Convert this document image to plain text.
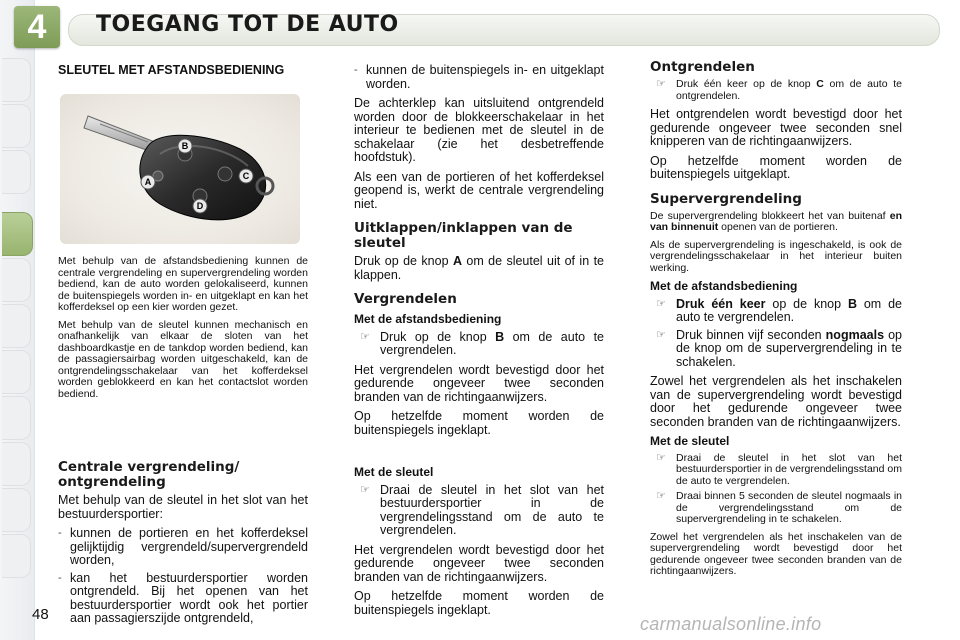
4	TOEGANG TOT DE AUTO
SLEUTEL MET AFSTANDSBEDIENING
B
C
D
A

Met behulp van de afstandsbediening kunnen de centrale vergrendeling en supervergrendeling worden bediend, kan de auto worden gelokaliseerd, kunnen de buitenspiegels worden in- en uitgeklapt en kan het kofferdeksel op een kier worden gezet.

Met behulp van de sleutel kunnen mechanisch en onafhankelijk van elkaar de sloten van het dashboardkastje en de tankdop worden bediend, kan de passagiersairbag worden uitgeschakeld, kan de ontgrendelingsschakelaar van het kofferdeksel worden geblokkeerd en kan het contactslot worden bediend.

Centrale vergrendeling/ ontgrendeling

Met behulp van de sleutel in het slot van het bestuurdersportier:

- kunnen de portieren en het kofferdeksel gelijktijdig vergrendeld/supervergrendeld worden,
- kan het bestuurdersportier worden ontgrendeld. Bij het openen van het bestuurdersportier wordt ook het portier aan passagierszijde ontgrendeld,
- kunnen de buitenspiegels in- en uitgeklapt worden.

De achterklep kan uitsluitend ontgrendeld worden door de blokkeerschakelaar in het interieur te bedienen met de sleutel in de schakelaar (zie het desbetreffende hoofdstuk).

Als een van de portieren of het kofferdeksel geopend is, werkt de centrale vergrendeling niet.

Uitklappen/inklappen van de sleutel

Druk op de knop A om de sleutel uit of in te klappen.

Vergrendelen
Met de afstandsbediening
☞ Druk op de knop B om de auto te vergrendelen.

Het vergrendelen wordt bevestigd door het gedurende ongeveer twee seconden branden van de richtingaanwijzers.

Op hetzelfde moment worden de buitenspiegels ingeklapt.

Met de sleutel
☞ Draai de sleutel in het slot van het bestuurdersportier in de vergrendelingsstand om de auto te vergrendelen.

Het vergrendelen wordt bevestigd door het gedurende ongeveer twee seconden branden van de richtingaanwijzers.

Op hetzelfde moment worden de buitenspiegels ingeklapt.

Ontgrendelen
☞ Druk één keer op de knop C om de auto te ontgrendelen.

Het ontgrendelen wordt bevestigd door het gedurende ongeveer twee seconden snel knipperen van de richtingaanwijzers.

Op hetzelfde moment worden de buitenspiegels uitgeklapt.

Supervergrendeling

De supervergrendeling blokkeert het van buitenaf en van binnenuit openen van de portieren.

Als de supervergrendeling is ingeschakeld, is ook de vergrendelingsschakelaar in het interieur buiten werking.

Met de afstandsbediening
☞ Druk één keer op de knop B om de auto te vergrendelen.
☞ Druk binnen vijf seconden nogmaals op de knop om de supervergrendeling in te schakelen.

Zowel het vergrendelen als het inschakelen van de supervergrendeling wordt bevestigd door het gedurende ongeveer twee seconden branden van de richtingaanwijzers.

Met de sleutel
☞ Draai de sleutel in het slot van het bestuurdersportier in de vergrendelingsstand om de auto te vergrendelen.
☞ Draai binnen 5 seconden de sleutel nogmaals in de vergrendelingsstand om de supervergrendeling in te schakelen.

Zowel het vergrendelen als het inschakelen van de supervergrendeling wordt bevestigd door het gedurende ongeveer twee seconden branden van de richtingaanwijzers.

48	carmanualsonline.info
